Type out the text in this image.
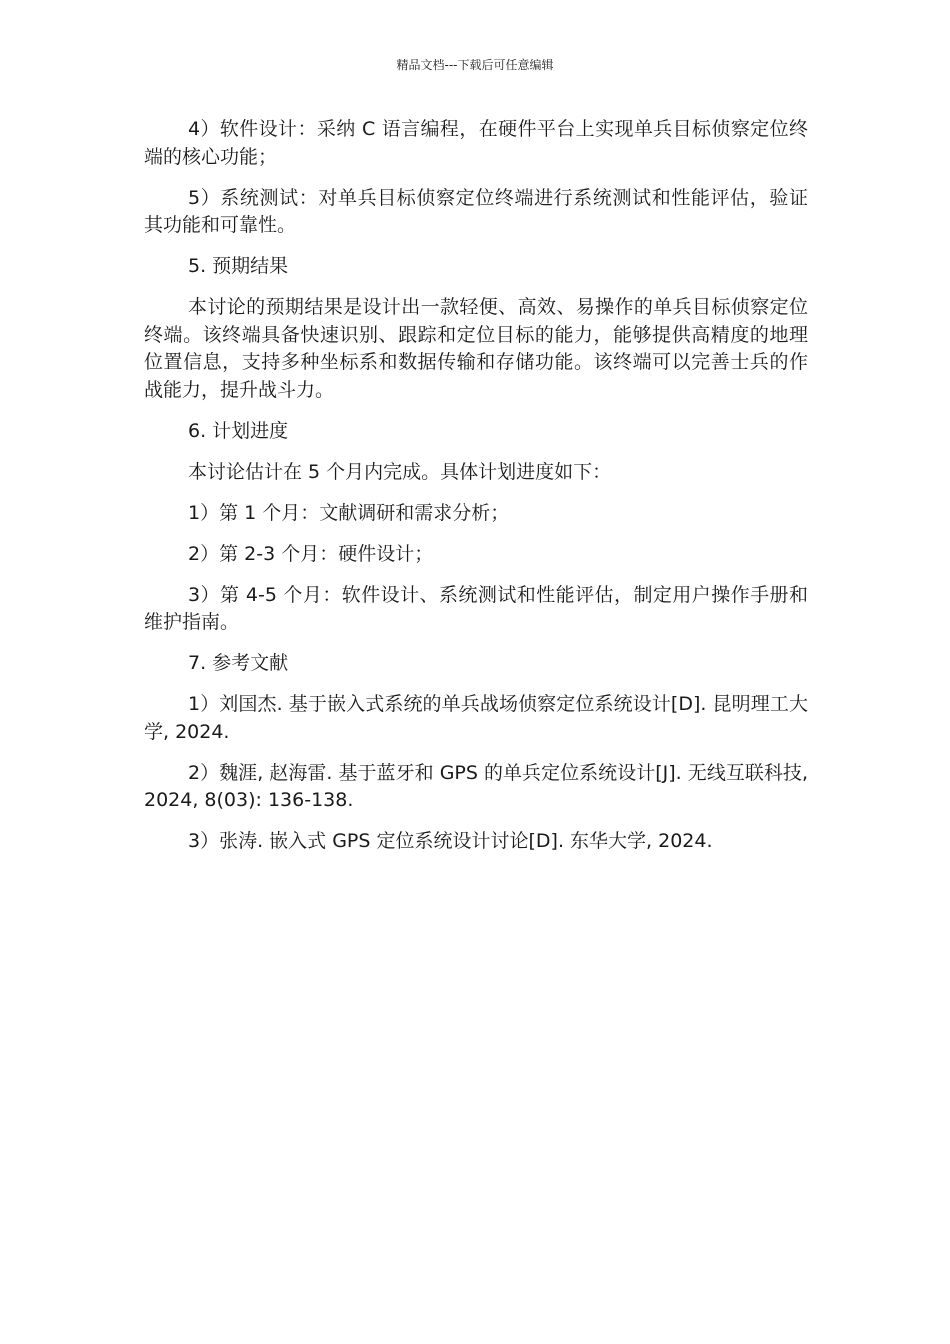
精品文档---下载后可任意编辑

4）软件设计：采纳 C 语言编程，在硬件平台上实现单兵目标侦察定位终端的核心功能；

5）系统测试：对单兵目标侦察定位终端进行系统测试和性能评估，验证其功能和可靠性。

5. 预期结果

本讨论的预期结果是设计出一款轻便、高效、易操作的单兵目标侦察定位终端。该终端具备快速识别、跟踪和定位目标的能力，能够提供高精度的地理位置信息，支持多种坐标系和数据传输和存储功能。该终端可以完善士兵的作战能力，提升战斗力。

6. 计划进度

本讨论估计在 5 个月内完成。具体计划进度如下：

1）第 1 个月：文献调研和需求分析；

2）第 2-3 个月：硬件设计；

3）第 4-5 个月：软件设计、系统测试和性能评估，制定用户操作手册和维护指南。

7. 参考文献

1）刘国杰. 基于嵌入式系统的单兵战场侦察定位系统设计[D]. 昆明理工大学, 2024.

2）魏涯, 赵海雷. 基于蓝牙和 GPS 的单兵定位系统设计[J]. 无线互联科技, 2024, 8(03): 136-138.

3）张涛. 嵌入式 GPS 定位系统设计讨论[D]. 东华大学, 2024.
